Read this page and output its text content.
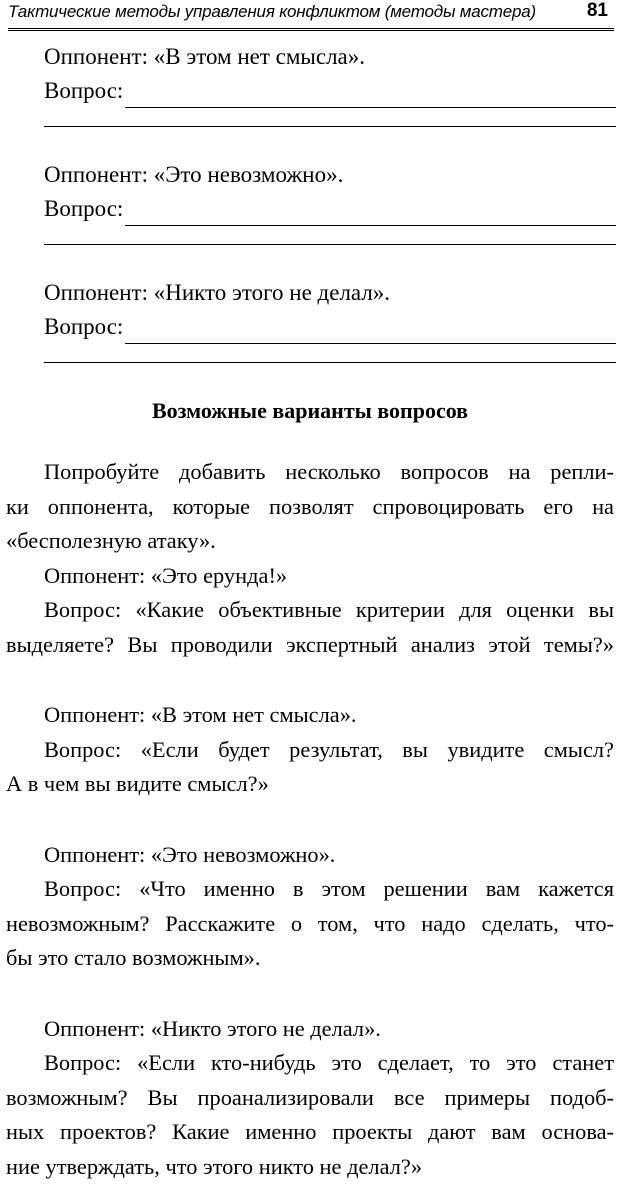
Тактические методы управления конфликтом (методы мастера)	81
Оппонент: «В этом нет смысла».
Вопрос:
Оппонент: «Это невозможно».
Вопрос:
Оппонент: «Никто этого не делал».
Вопрос:
Возможные варианты вопросов
Попробуйте добавить несколько вопросов на репли-
ки оппонента, которые позволят спровоцировать его на
«бесполезную атаку».
Оппонент: «Это ерунда!»
Вопрос: «Какие объективные критерии для оценки вы
выделяете? Вы проводили экспертный анализ этой темы?»
Оппонент: «В этом нет смысла».
Вопрос: «Если будет результат, вы увидите смысл?
А в чем вы видите смысл?»
Оппонент: «Это невозможно».
Вопрос: «Что именно в этом решении вам кажется
невозможным? Расскажите о том, что надо сделать, что-
бы это стало возможным».
Оппонент: «Никто этого не делал».
Вопрос: «Если кто-нибудь это сделает, то это станет
возможным? Вы проанализировали все примеры подоб-
ных проектов? Какие именно проекты дают вам основа-
ние утверждать, что этого никто не делал?»
